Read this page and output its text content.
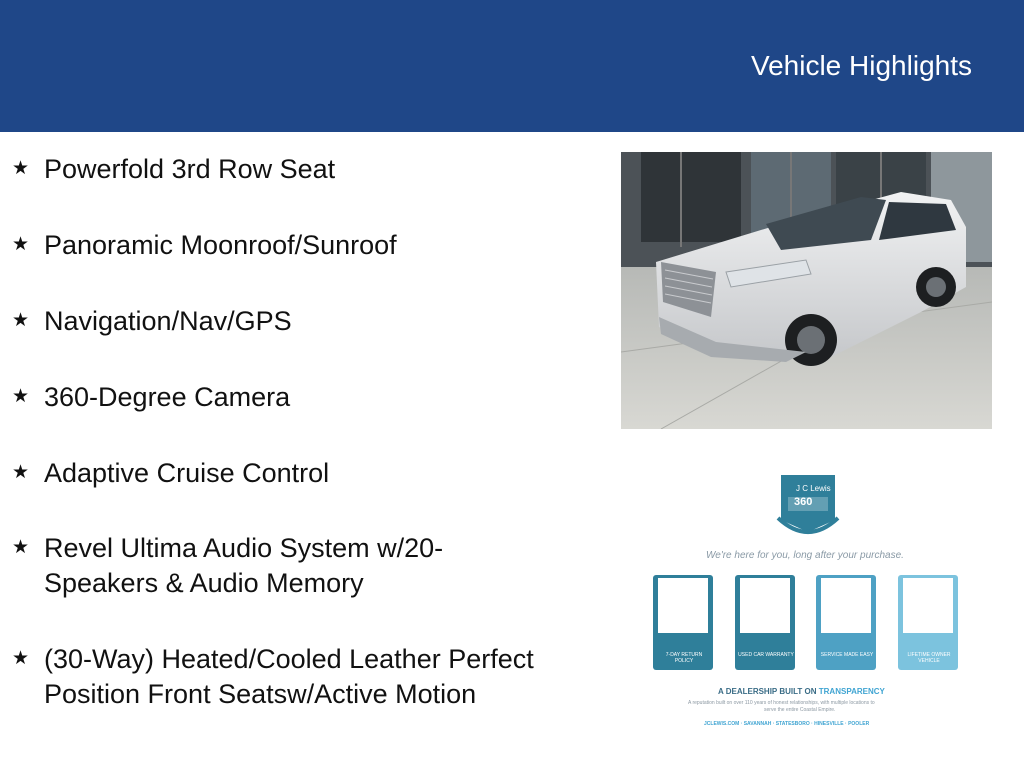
Vehicle Highlights
★ Powerfold 3rd Row Seat
★ Panoramic Moonroof/Sunroof
★ Navigation/Nav/GPS
★ 360-Degree Camera
★ Adaptive Cruise Control
★ Revel Ultima Audio System w/20-Speakers & Audio Memory
★ (30-Way) Heated/Cooled Leather Perfect Position Front Seatsw/Active Motion
J C Lewis
360
We're here for you, long after your purchase.
7-DAY RETURN POLICY
USED CAR WARRANTY	SERVICE MADE EASY	LIFETIME OWNER VEHICLE
A DEALERSHIP BUILT ON TRANSPARENCY
A reputation built on over 110 years of honest relationships, with multiple locations to
serve the entire Coastal Empire.
JCLEWIS.COM · SAVANNAH · STATESBORO · HINESVILLE · POOLER
